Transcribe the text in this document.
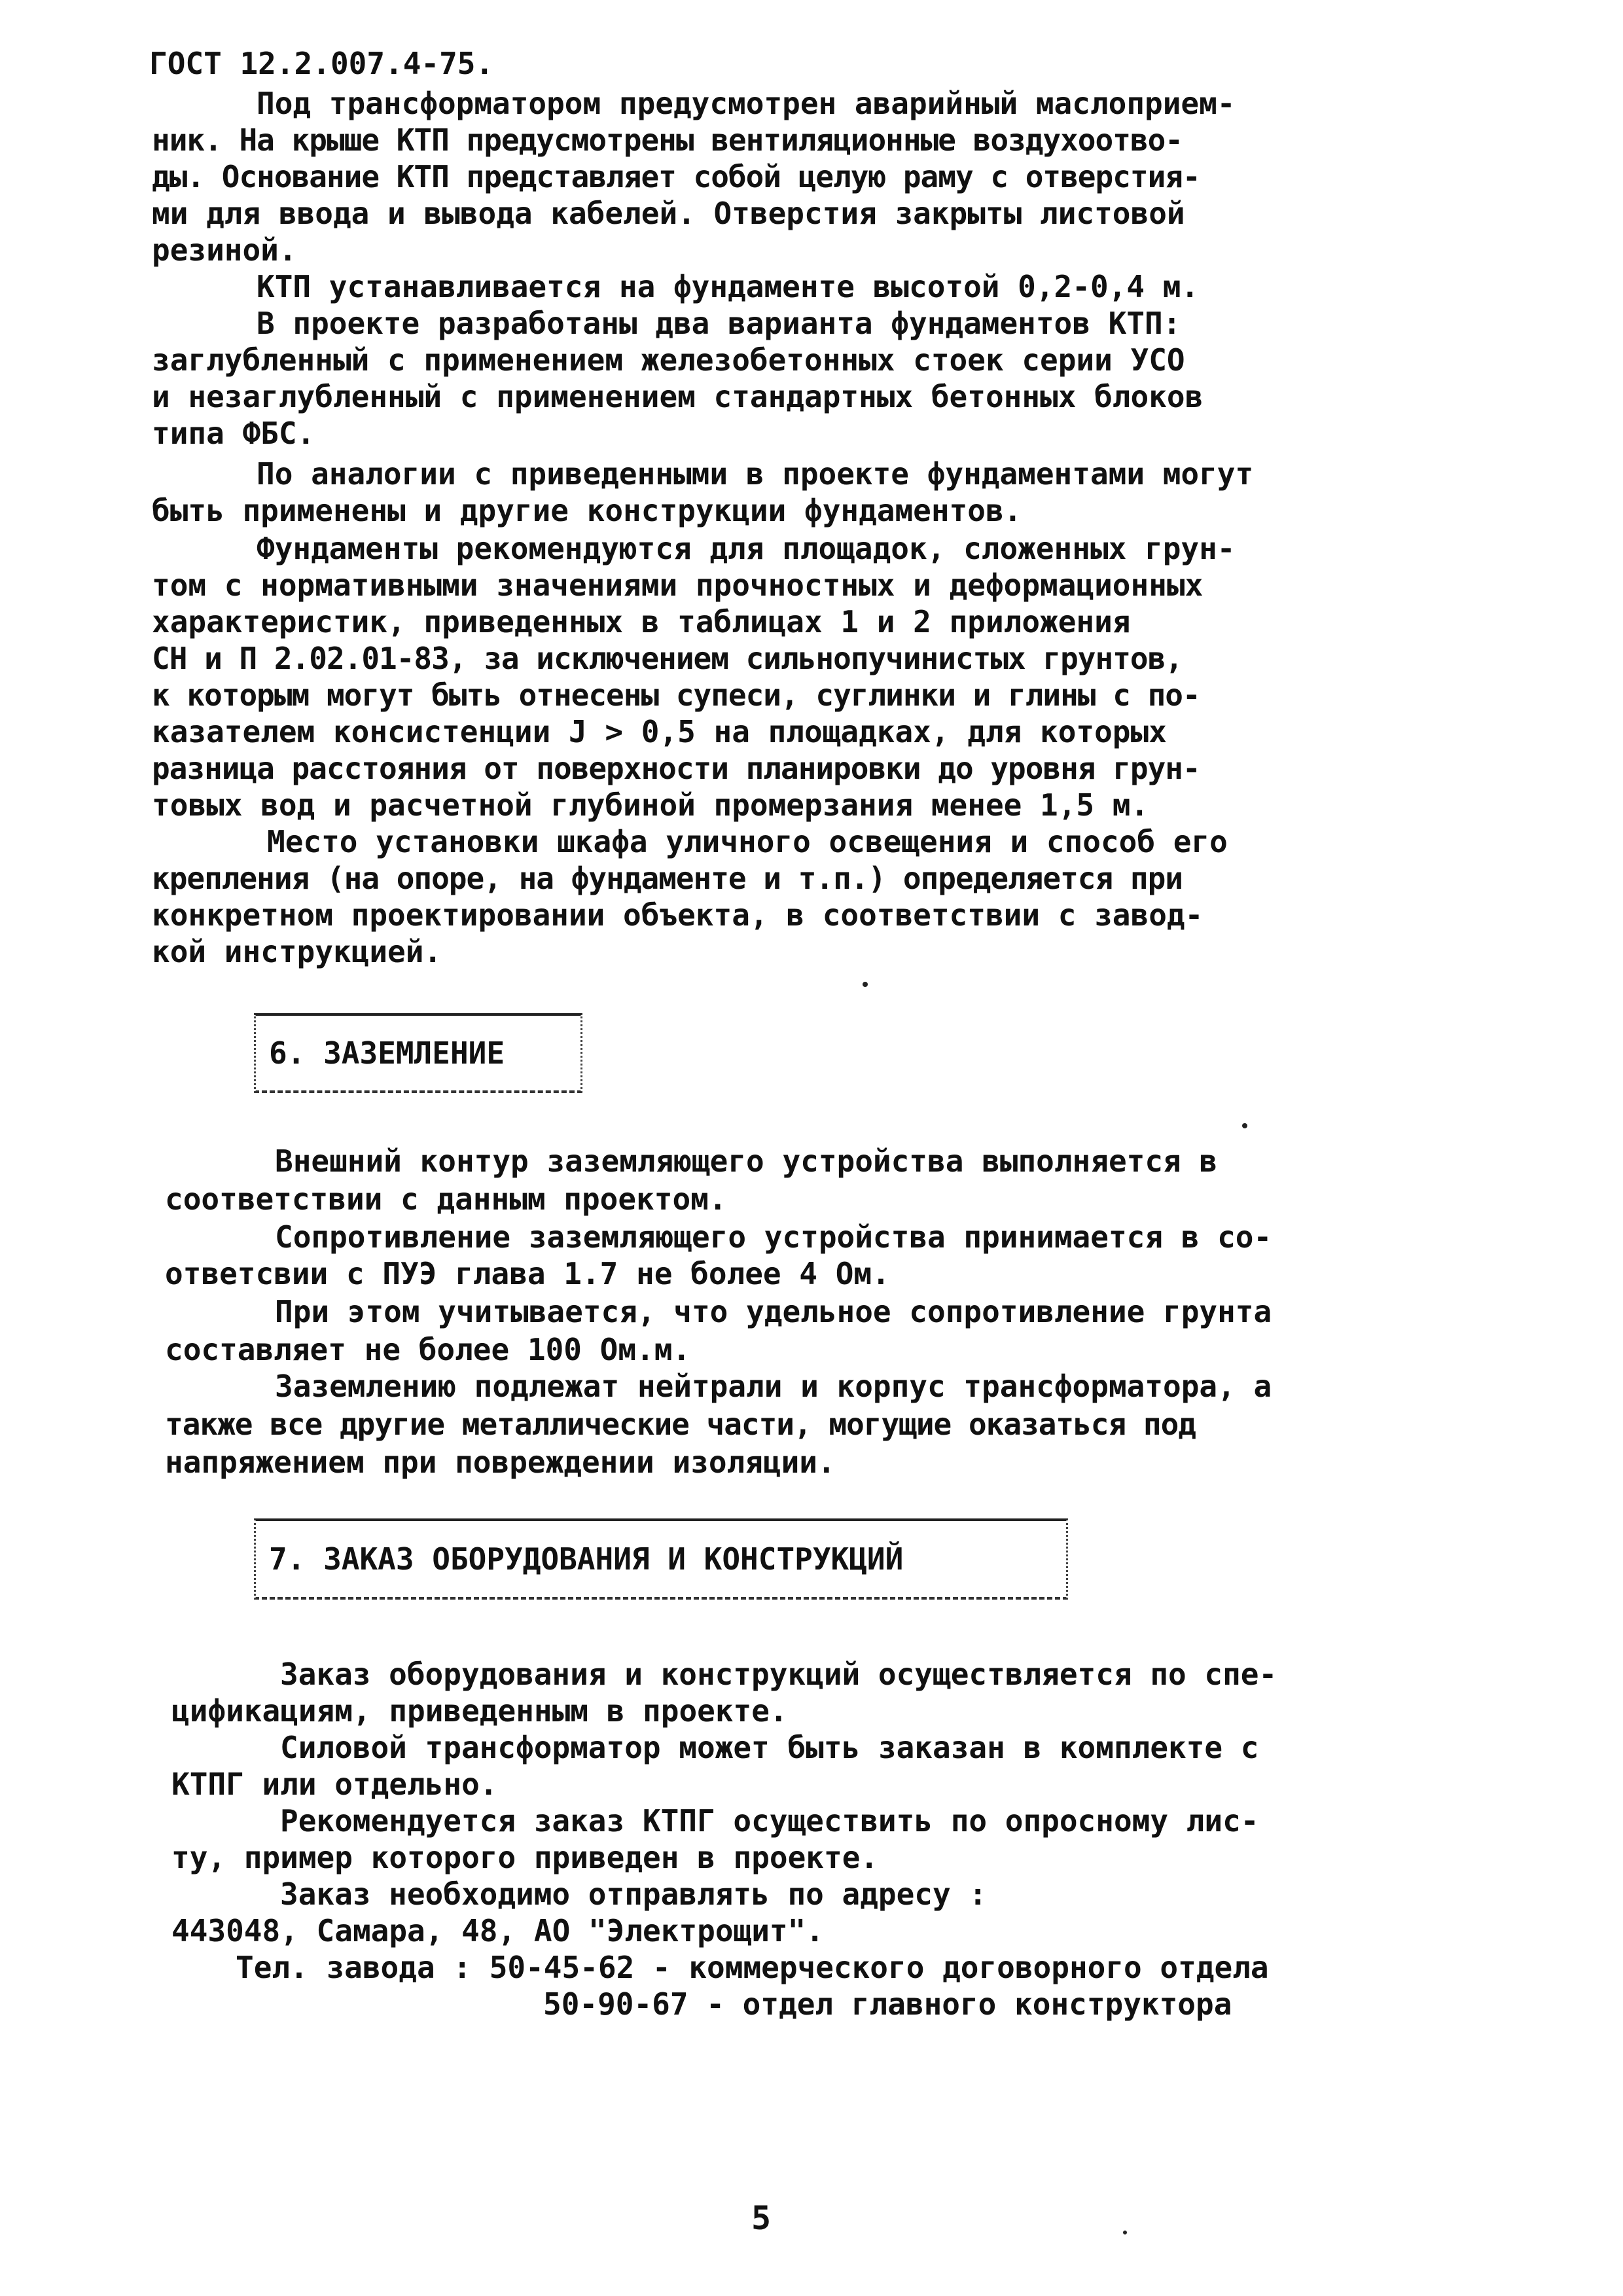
ГОСТ 12.2.007.4-75.
Под трансформатором предусмотрен аварийный маслоприем-
ник. На крыше КТП предусмотрены вентиляционные воздухоотво-
ды. Основание КТП представляет собой целую раму с отверстия-
ми для ввода и вывода кабелей. Отверстия закрыты листовой
резиной.
КТП устанавливается на фундаменте высотой 0,2-0,4 м.
В проекте разработаны два варианта фундаментов КТП:
заглубленный с применением железобетонных стоек серии УСО
и незаглубленный с применением стандартных бетонных блоков
типа ФБС.
По аналогии с приведенными в проекте фундаментами могут
быть применены и другие конструкции фундаментов.
Фундаменты рекомендуются для площадок, сложенных грун-
том с нормативными значениями прочностных и деформационных
характеристик, приведенных в таблицах 1 и 2 приложения
СН и П 2.02.01-83, за исключением сильнопучинистых грунтов,
к которым могут быть отнесены супеси, суглинки и глины с по-
казателем консистенции J > 0,5 на площадках, для которых
разница расстояния от поверхности планировки до уровня грун-
товых вод и расчетной глубиной промерзания менее 1,5 м.
Место установки шкафа уличного освещения и способ его
крепления (на опоре, на фундаменте и т.п.) определяется при
конкретном проектировании объекта, в соответствии с завод-
кой инструкцией.
6. ЗАЗЕМЛЕНИЕ
Внешний контур заземляющего устройства выполняется в
соответствии с данным проектом.
Сопротивление заземляющего устройства принимается в со-
ответсвии с ПУЭ глава 1.7 не более 4 Ом.
При этом учитывается, что удельное сопротивление грунта
составляет не более 100 Ом.м.
Заземлению подлежат нейтрали и корпус трансформатора, а
также все другие металлические части, могущие оказаться под
напряжением при повреждении изоляции.
7. ЗАКАЗ ОБОРУДОВАНИЯ И КОНСТРУКЦИЙ
Заказ оборудования и конструкций осуществляется по спе-
цификациям, приведенным в проекте.
Силовой трансформатор может быть заказан в комплекте с
КТПГ или отдельно.
Рекомендуется заказ КТПГ осуществить по опросному лис-
ту, пример которого приведен в проекте.
Заказ необходимо отправлять по адресу :
443048, Самара, 48, АО "Электрощит".
Тел. завода : 50-45-62 - коммерческого договорного отдела
50-90-67 - отдел главного конструктора
5
